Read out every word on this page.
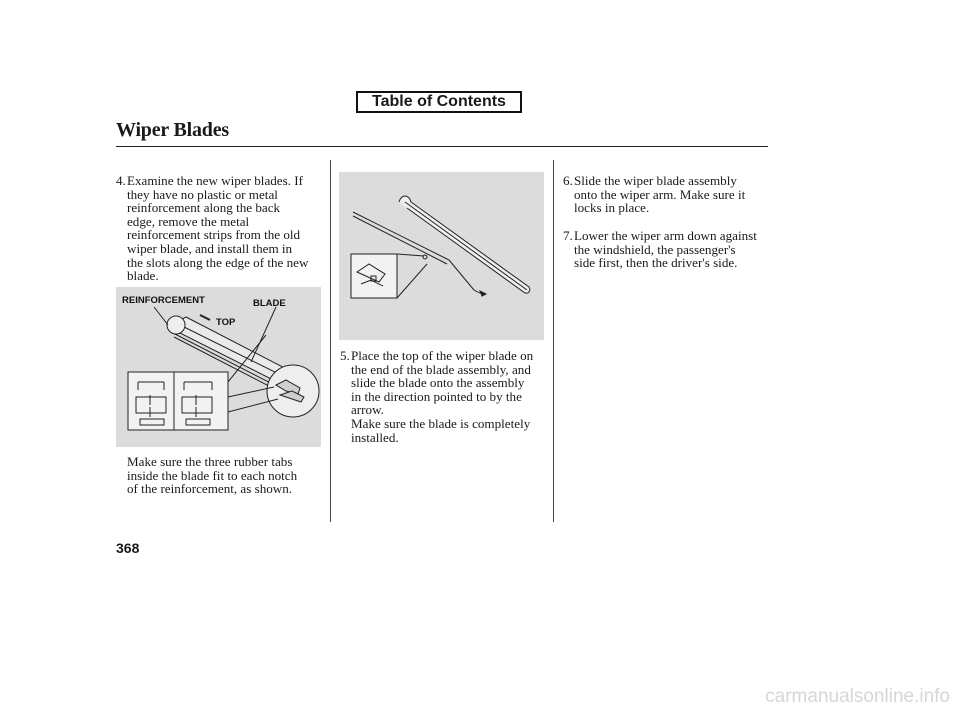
Table of Contents
Wiper Blades
4. Examine the new wiper blades. If
they have no plastic or metal
reinforcement along the back
edge, remove the metal
reinforcement strips from the old
wiper blade, and install them in
the slots along the edge of the new
blade.
REINFORCEMENT	BLADE
TOP
Make sure the three rubber tabs
inside the blade fit to each notch
of the reinforcement, as shown.
5. Place the top of the wiper blade on
the end of the blade assembly, and
slide the blade onto the assembly
in the direction pointed to by the
arrow.
Make sure the blade is completely
installed.
6. Slide the wiper blade assembly
onto the wiper arm. Make sure it
locks in place.
7. Lower the wiper arm down against
the windshield, the passenger's
side first, then the driver's side.
368
carmanualsonline.info
